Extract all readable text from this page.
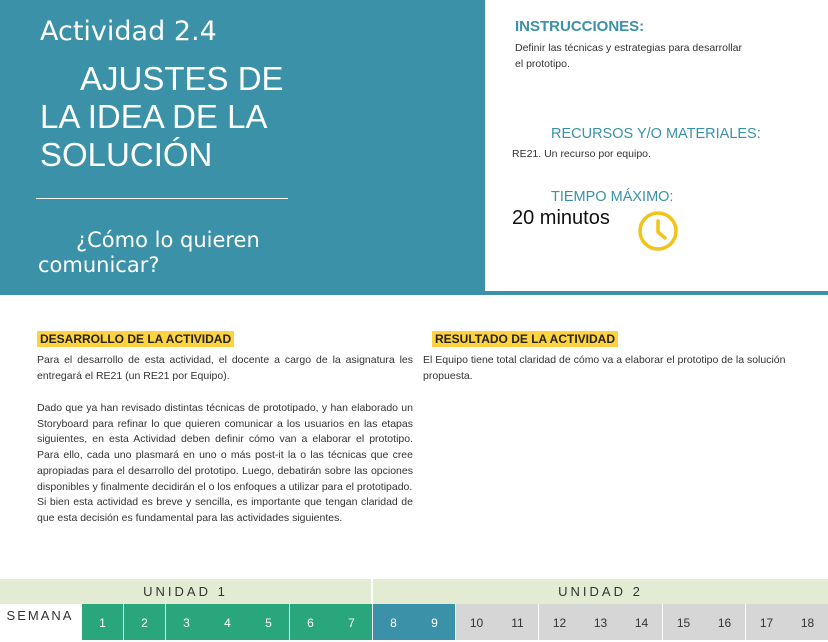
Actividad 2.4
AJUSTES DE LA IDEA DE LA SOLUCIÓN
¿Cómo lo quieren comunicar?
INSTRUCCIONES:
Definir las técnicas y estrategias para desarrollar el prototipo.
RECURSOS Y/O MATERIALES:
RE21. Un recurso por equipo.
TIEMPO MÁXIMO:
20 minutos
DESARROLLO DE LA ACTIVIDAD

Para el desarrollo de esta actividad, el docente a cargo de la asignatura les entregará el RE21 (un RE21 por Equipo).

Dado que ya han revisado distintas técnicas de prototipado, y han elaborado un Storyboard para refinar lo que quieren comunicar a los usuarios en las etapas siguientes, en esta Actividad deben definir cómo van a elaborar el prototipo. Para ello, cada uno plasmará en uno o más post-it la o las técnicas que cree apropiadas para el desarrollo del prototipo. Luego, debatirán sobre las opciones disponibles y finalmente decidirán el o los enfoques a utilizar para el prototipado.

Si bien esta actividad es breve y sencilla, es importante que tengan claridad de que esta decisión es fundamental para las actividades siguientes.

RESULTADO DE LA ACTIVIDAD

El Equipo tiene total claridad de cómo va a elaborar el prototipo de la solución propuesta.

UNIDAD 1	UNIDAD 2
SEMANA	1	2	3	4	5	6	7	8	9	10	11	12	13	14	15	16	17	18
